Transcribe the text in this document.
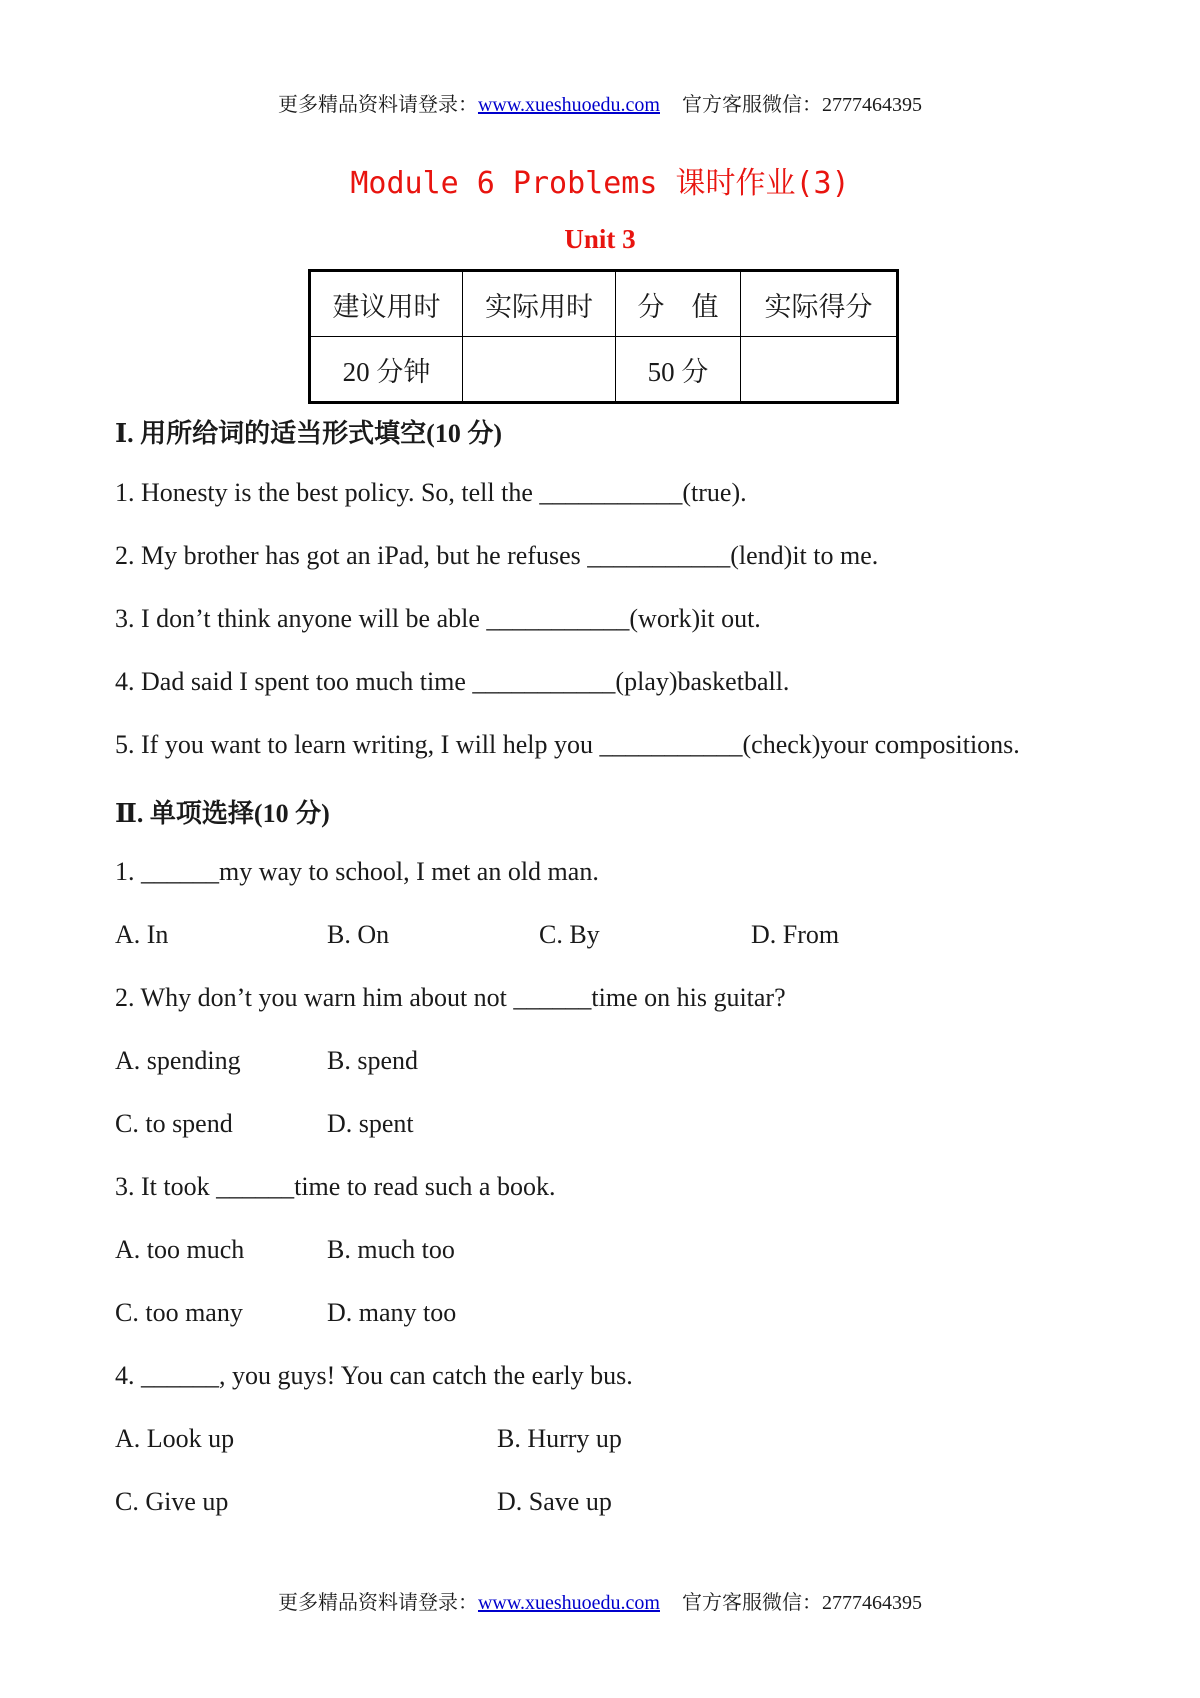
更多精品资料请登录：www.xueshuoedu.com 官方客服微信：2777464395
Module 6 Problems 课时作业(3)
Unit 3
建议用时	实际用时	分　值	实际得分
20 分钟		50 分	
Ⅰ. 用所给词的适当形式填空(10 分)
1. Honesty is the best policy. So, tell the ___________(true).
2. My brother has got an iPad, but he refuses ___________(lend)it to me.
3. I don’t think anyone will be able ___________(work)it out.
4. Dad said I spent too much time ___________(play)basketball.
5. If you want to learn writing, I will help you ___________(check)your compositions.
Ⅱ. 单项选择(10 分)
1. ______my way to school, I met an old man.
A. In	B. On	C. By	D. From
2. Why don’t you warn him about not ______time on his guitar?
A. spending	B. spend
C. to spend	D. spent
3. It took ______time to read such a book.
A. too much	B. much too
C. too many	D. many too
4. ______, you guys! You can catch the early bus.
A. Look up	B. Hurry up
C. Give up	D. Save up
更多精品资料请登录：www.xueshuoedu.com 官方客服微信：2777464395
